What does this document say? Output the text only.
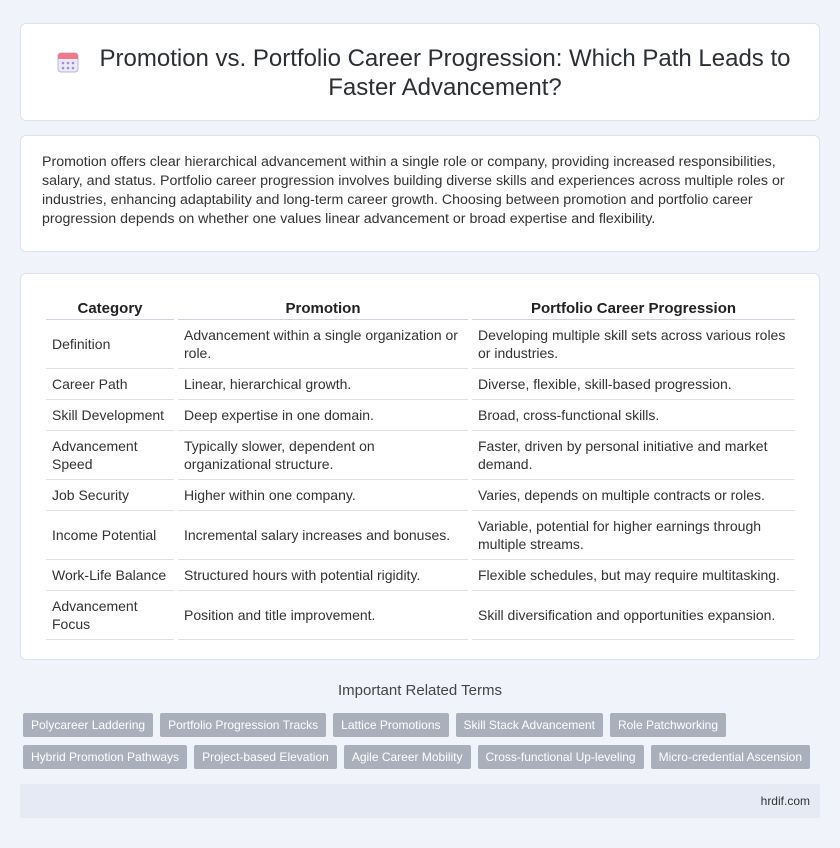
Promotion vs. Portfolio Career Progression: Which Path Leads to Faster Advancement?

Promotion offers clear hierarchical advancement within a single role or company, providing increased responsibilities, salary, and status. Portfolio career progression involves building diverse skills and experiences across multiple roles or industries, enhancing adaptability and long-term career growth. Choosing between promotion and portfolio career progression depends on whether one values linear advancement or broad expertise and flexibility.

Category	Promotion	Portfolio Career Progression
Definition	Advancement within a single organization or role.	Developing multiple skill sets across various roles or industries.
Career Path	Linear, hierarchical growth.	Diverse, flexible, skill-based progression.
Skill Development	Deep expertise in one domain.	Broad, cross-functional skills.
Advancement Speed	Typically slower, dependent on organizational structure.	Faster, driven by personal initiative and market demand.
Job Security	Higher within one company.	Varies, depends on multiple contracts or roles.
Income Potential	Incremental salary increases and bonuses.	Variable, potential for higher earnings through multiple streams.
Work-Life Balance	Structured hours with potential rigidity.	Flexible schedules, but may require multitasking.
Advancement Focus	Position and title improvement.	Skill diversification and opportunities expansion.
Important Related Terms
Polycareer Laddering	Portfolio Progression Tracks	Lattice Promotions	Skill Stack Advancement	Role Patchworking
Hybrid Promotion Pathways	Project-based Elevation	Agile Career Mobility	Cross-functional Up-leveling	Micro-credential Ascension
hrdif.com
